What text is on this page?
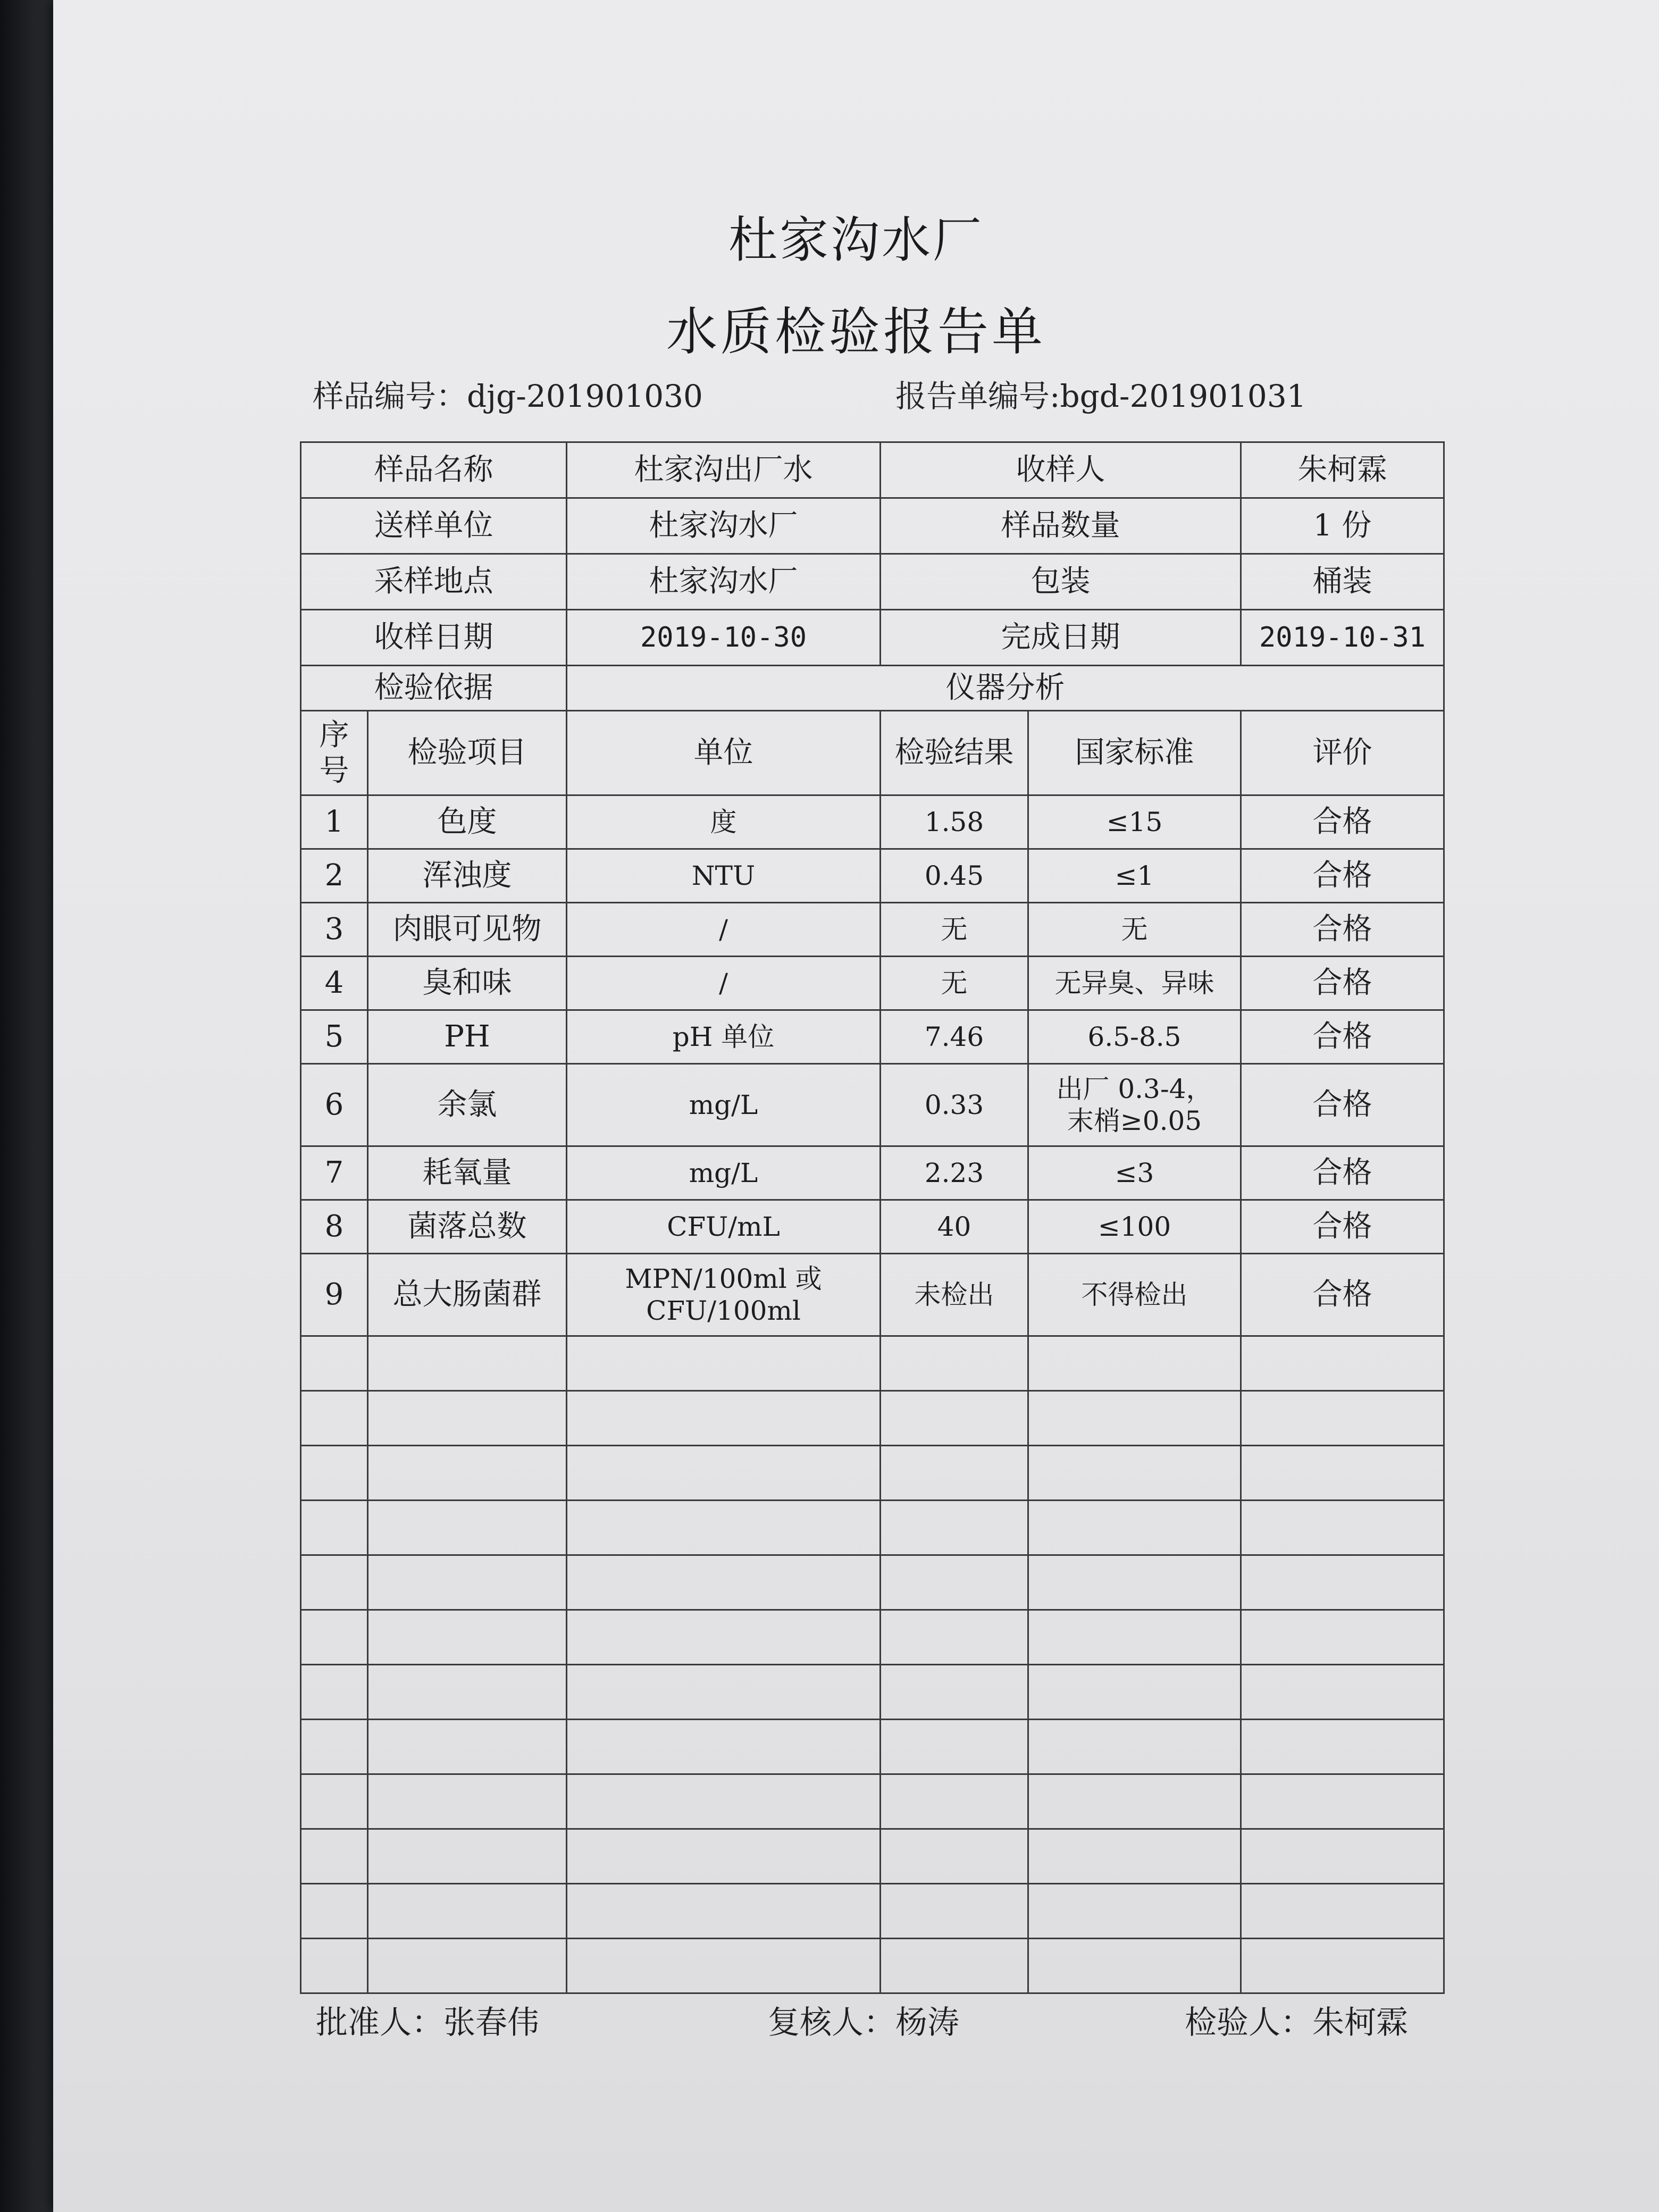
杜家沟水厂
水质检验报告单
样品编号：djg-201901030	报告单编号:bgd-201901031
样品名称		杜家沟出厂水	收样人		朱柯霖
送样单位		杜家沟水厂	样品数量		1 份
采样地点		杜家沟水厂	包装		桶装
收样日期		2019-10-30	完成日期		2019-10-31
检验依据		仪器分析			
序号	检验项目	单位	检验结果	国家标准	评价
1	色度	度	1.58	≤15	合格
2	浑浊度	NTU	0.45	≤1	合格
3	肉眼可见物	/	无	无	合格
4	臭和味	/	无	无异臭、异味	合格
5	PH	pH 单位	7.46	6.5-8.5	合格
6	余氯	mg/L	0.33	出厂 0.3-4，
末梢≥0.05	合格
7	耗氧量	mg/L	2.23	≤3	合格
8	菌落总数	CFU/mL	40	≤100	合格
9	总大肠菌群	MPN/100ml 或
CFU/100ml	未检出	不得检出	合格

批准人：张春伟	复核人：杨涛	检验人：朱柯霖
